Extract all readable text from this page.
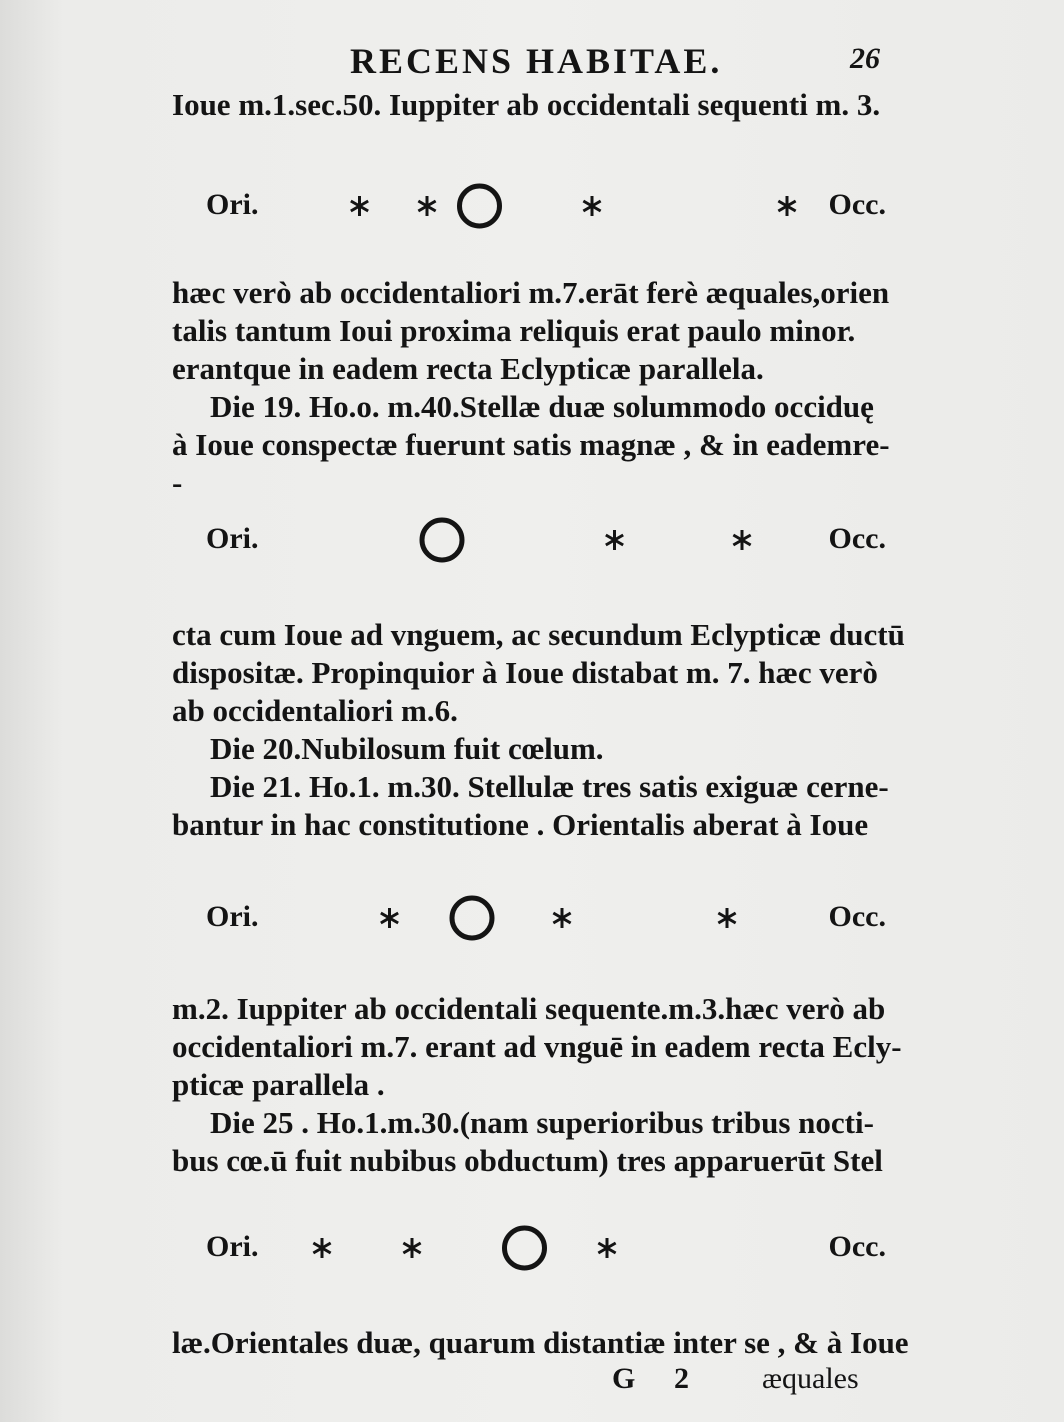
RECENS HABITAE.	26
Ioue m.1.sec.50. Iuppiter ab occidentali sequenti m. 3.
Ori.	Occ.
hæc verò ab occidentaliori m.7.erāt ferè æquales,orien
talis tantum Ioui proxima reliquis erat paulo minor.
erantque in eadem recta Eclypticæ parallela.
Die 19. Ho.o. m.40.Stellæ duæ solummodo occiduę
à Ioue conspectæ fuerunt satis magnæ , & in eademre-
-
Ori.	Occ.
cta cum Ioue ad vnguem, ac secundum Eclypticæ ductū
dispositæ. Propinquior à Ioue distabat m. 7. hæc verò
ab occidentaliori m.6.
Die 20.Nubilosum fuit cœlum.
Die 21. Ho.1. m.30. Stellulæ tres satis exiguæ cerne-
bantur in hac constitutione . Orientalis aberat à Ioue
Ori.	Occ.
m.2. Iuppiter ab occidentali sequente.m.3.hæc verò ab
occidentaliori m.7. erant ad vnguē in eadem recta Ecly-
pticæ parallela .
Die 25 . Ho.1.m.30.(nam superioribus tribus nocti-
bus cœ.ū fuit nubibus obductum) tres apparuerūt Stel
Ori.	Occ.
læ.Orientales duæ, quarum distantiæ inter se , & à Ioue
G 2 æquales
